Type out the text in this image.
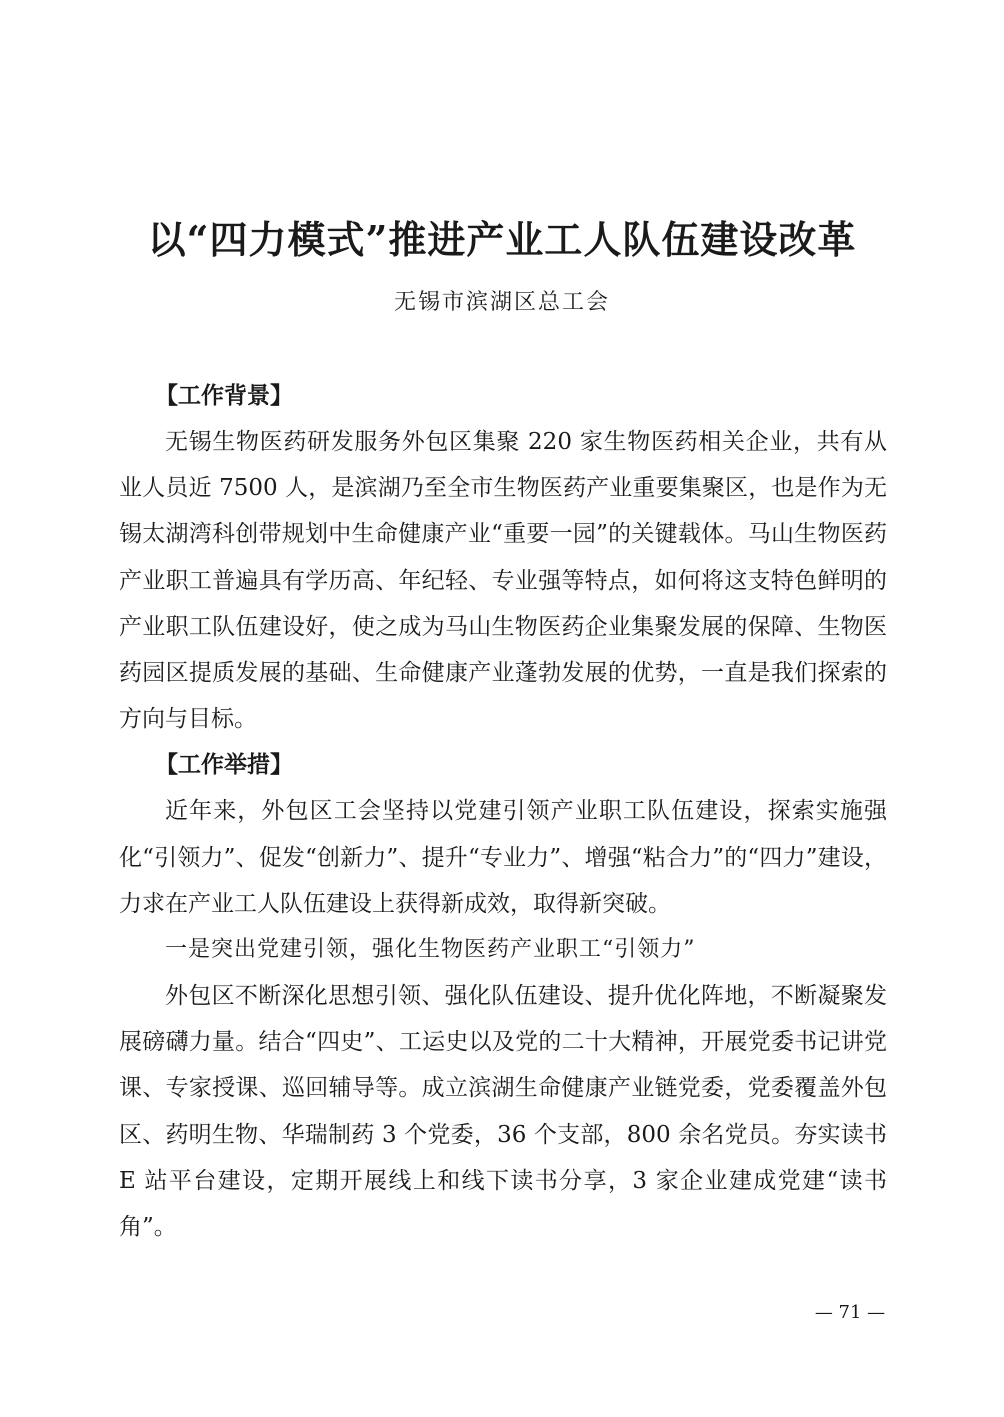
以“四力模式”推进产业工人队伍建设改革
无锡市滨湖区总工会

【工作背景】

无锡生物医药研发服务外包区集聚 220 家生物医药相关企业，共有从业人员近 7500 人，是滨湖乃至全市生物医药产业重要集聚区，也是作为无锡太湖湾科创带规划中生命健康产业“重要一园”的关键载体。马山生物医药产业职工普遍具有学历高、年纪轻、专业强等特点，如何将这支特色鲜明的产业职工队伍建设好，使之成为马山生物医药企业集聚发展的保障、生物医药园区提质发展的基础、生命健康产业蓬勃发展的优势，一直是我们探索的方向与目标。

【工作举措】

近年来，外包区工会坚持以党建引领产业职工队伍建设，探索实施强化“引领力”、促发“创新力”、提升“专业力”、增强“粘合力”的“四力”建设，力求在产业工人队伍建设上获得新成效，取得新突破。

一是突出党建引领，强化生物医药产业职工“引领力”

外包区不断深化思想引领、强化队伍建设、提升优化阵地，不断凝聚发展磅礴力量。结合“四史”、工运史以及党的二十大精神，开展党委书记讲党课、专家授课、巡回辅导等。成立滨湖生命健康产业链党委，党委覆盖外包区、药明生物、华瑞制药 3 个党委，36 个支部，800 余名党员。夯实读书 E 站平台建设，定期开展线上和线下读书分享，3 家企业建成党建“读书角”。

— 71 —
